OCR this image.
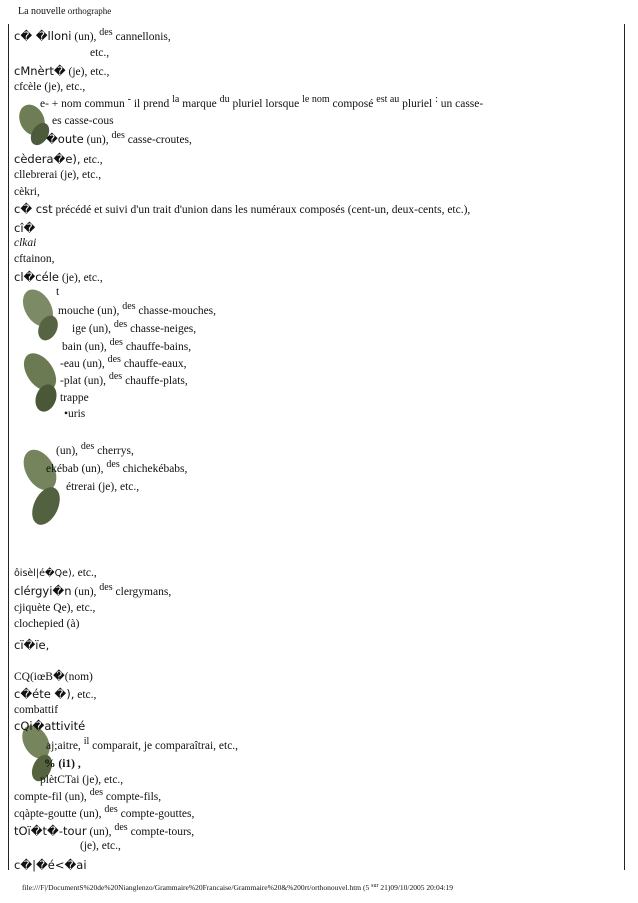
La nouvelle orthographe
c� �lloni (un), des cannellonis,
etc.,
cMnèrt� (je), etc.,
cfcèle (je), etc.,
e- + nom commun - il prend la marque du pluriel lorsque le nom composé est au pluriel : un casse-
es casse-cous
�oute (un), des casse-croutes,
cèdera�e), etc.,
cllebrerai (je), etc.,
cèkri,
c� cst précédé et suivi d'un trait d'union dans les numéraux composés (cent-un, deux-cents, etc.),
cî�
clkai
cftainon,
cl�céle (je), etc.,
t
mouche (un), des chasse-mouches,
ige (un), des chasse-neiges,
bain (un), des chauffe-bains,
-eau (un), des chauffe-eaux,
-plat (un), des chauffe-plats,
trappe
•uris
(un), des cherrys,
ekébab (un), des chichekébabs,
étrerai (je), etc.,
ôisèl|é�Qe), etc.,
clérgyi�n (un), des clergymans,
cjiquète Qe), etc.,
clochepied (à)
cï�ïe,
CQ(iœB�(nom)
c�éte �), etc.,
combattif
cQi�attivité
aj;aitre, il comparait, je comparaîtrai, etc.,
% (i1) ,
plètCTai (je), etc.,
compte-fil (un), des compte-fils,
cqàpte-goutte (un), des compte-gouttes,
tOï�t�-tour (un), des compte-tours,
(je), etc.,
c�|�é<�ai
file:///F|/DocumentS%20de%20Nianglenzo/Grammaire%20Francaise/Grammaire%20&%200rt/orthonouvel.htm (5 $^{sur}$ 21)09/10/2005 20:04:19
